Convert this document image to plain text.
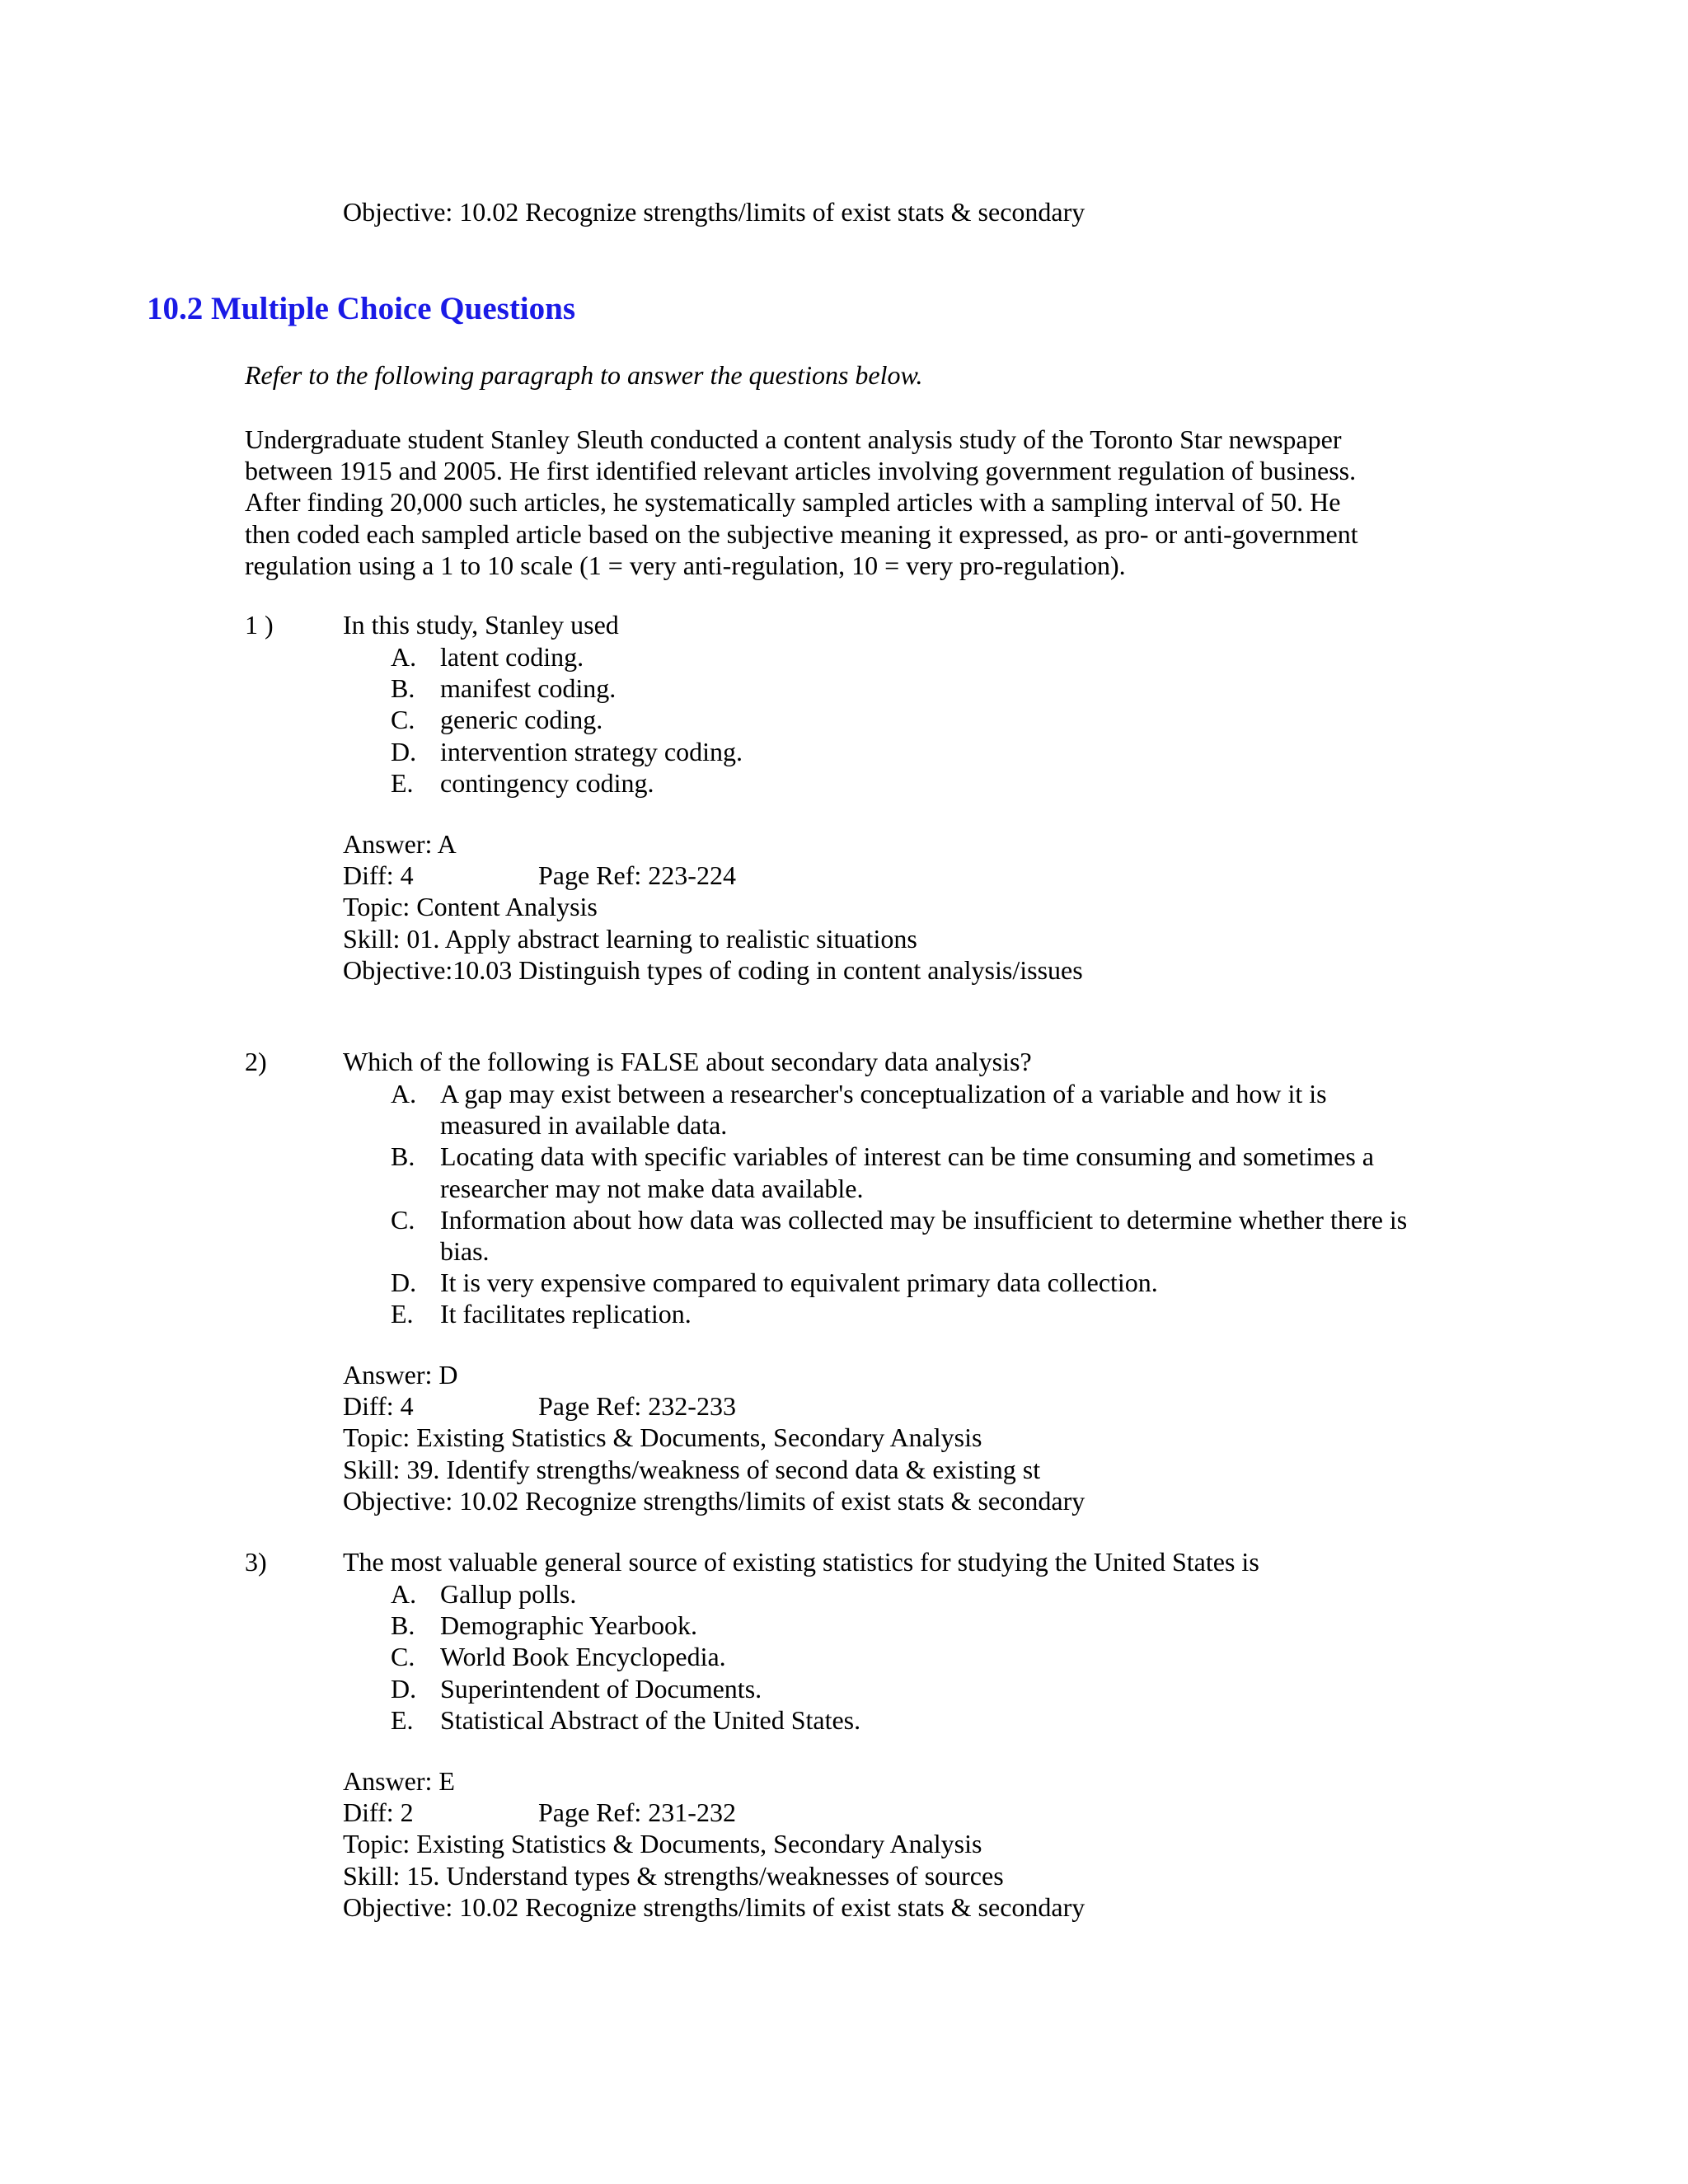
Objective: 10.02 Recognize strengths/limits of exist stats & secondary
10.2 Multiple Choice Questions
Refer to the following paragraph to answer the questions below.
Undergraduate student Stanley Sleuth conducted a content analysis study of the Toronto Star newspaper
between 1915 and 2005. He first identified relevant articles involving government regulation of business.
After finding 20,000 such articles, he systematically sampled articles with a sampling interval of 50. He
then coded each sampled article based on the subjective meaning it expressed, as pro- or anti-government
regulation using a 1 to 10 scale (1 = very anti-regulation, 10 = very pro-regulation).
1 )	In this study, Stanley used
A. latent coding.
B. manifest coding.
C. generic coding.
D. intervention strategy coding.
E. contingency coding.
Answer: A
Diff: 4	Page Ref: 223-224
Topic: Content Analysis
Skill: 01. Apply abstract learning to realistic situations
Objective:10.03 Distinguish types of coding in content analysis/issues
2)	Which of the following is FALSE about secondary data analysis?
A. A gap may exist between a researcher's conceptualization of a variable and how it is measured in available data.
B. Locating data with specific variables of interest can be time consuming and sometimes a researcher may not make data available.
C. Information about how data was collected may be insufficient to determine whether there is bias.
D. It is very expensive compared to equivalent primary data collection.
E. It facilitates replication.
Answer: D
Diff: 4	Page Ref: 232-233
Topic: Existing Statistics & Documents, Secondary Analysis
Skill: 39. Identify strengths/weakness of second data & existing st
Objective: 10.02 Recognize strengths/limits of exist stats & secondary
3)	The most valuable general source of existing statistics for studying the United States is
A. Gallup polls.
B. Demographic Yearbook.
C. World Book Encyclopedia.
D. Superintendent of Documents.
E. Statistical Abstract of the United States.
Answer: E
Diff: 2	Page Ref: 231-232
Topic: Existing Statistics & Documents, Secondary Analysis
Skill: 15. Understand types & strengths/weaknesses of sources
Objective: 10.02 Recognize strengths/limits of exist stats & secondary
